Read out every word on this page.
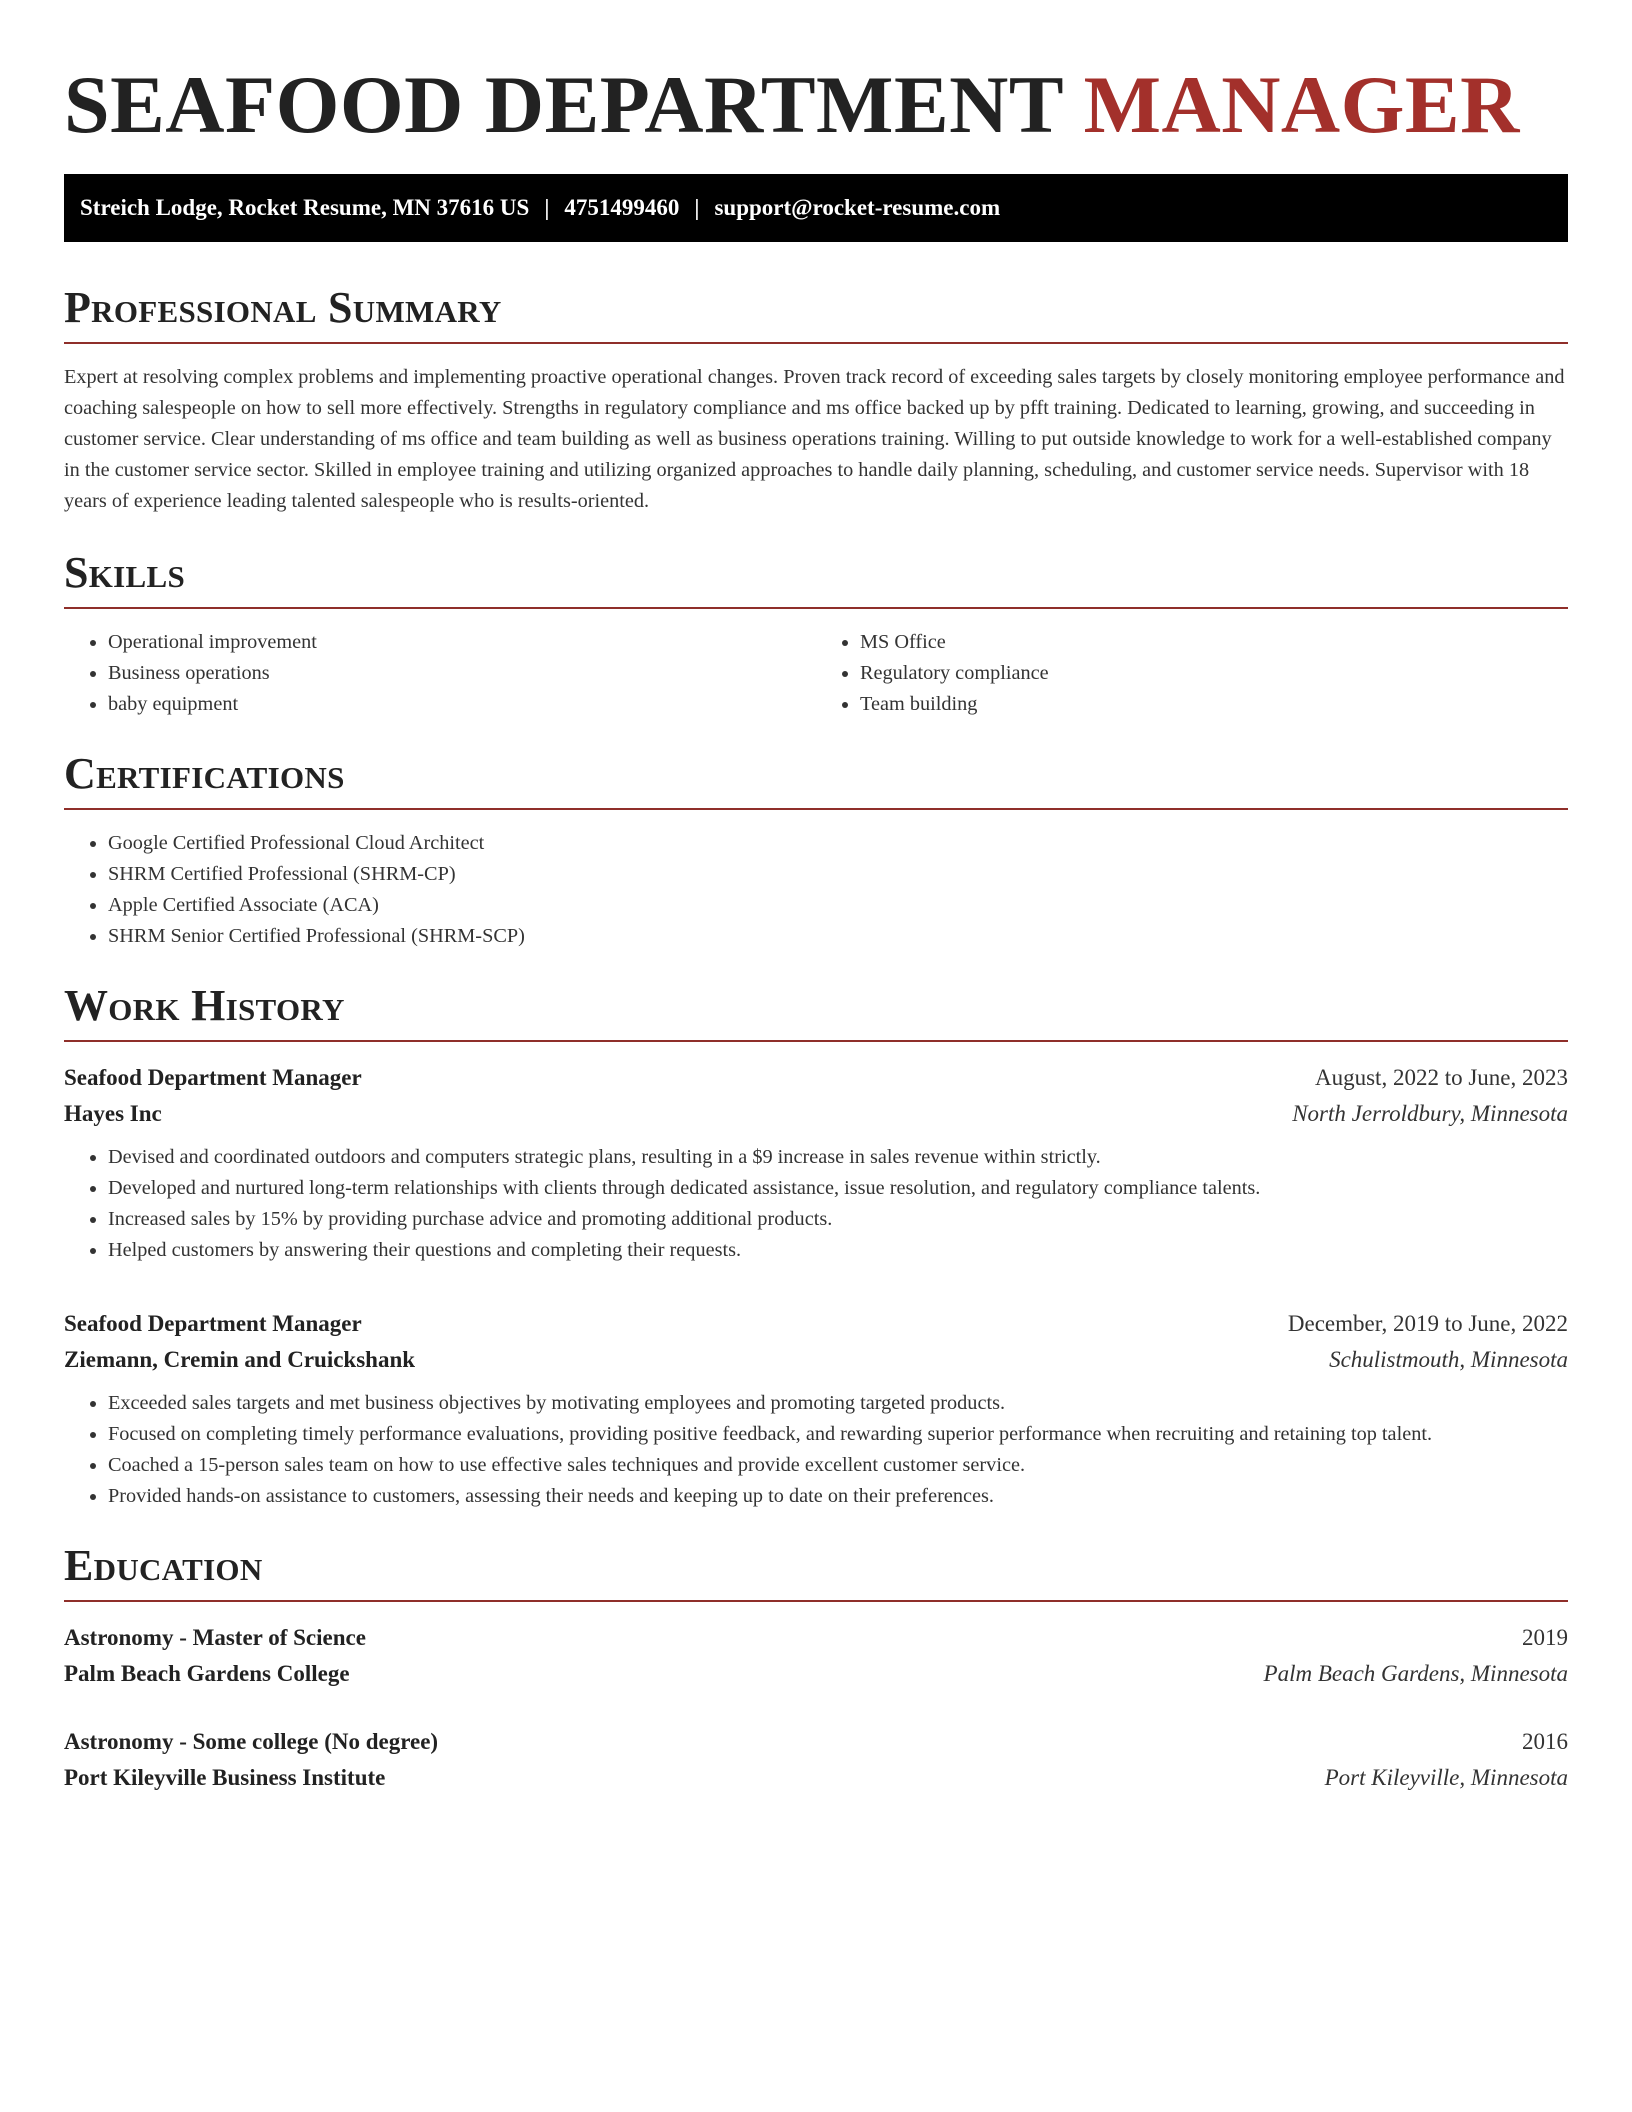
SEAFOOD DEPARTMENT MANAGER
Streich Lodge, Rocket Resume, MN 37616 US | 4751499460 | support@rocket-resume.com
Professional Summary

Expert at resolving complex problems and implementing proactive operational changes. Proven track record of exceeding sales targets by closely monitoring employee performance and coaching salespeople on how to sell more effectively. Strengths in regulatory compliance and ms office backed up by pfft training. Dedicated to learning, growing, and succeeding in customer service. Clear understanding of ms office and team building as well as business operations training. Willing to put outside knowledge to work for a well-established company in the customer service sector. Skilled in employee training and utilizing organized approaches to handle daily planning, scheduling, and customer service needs. Supervisor with 18 years of experience leading talented salespeople who is results-oriented.

Skills
• Operational improvement
• Business operations
• baby equipment
• MS Office
• Regulatory compliance
• Team building
Certifications
• Google Certified Professional Cloud Architect
• SHRM Certified Professional (SHRM-CP)
• Apple Certified Associate (ACA)
• SHRM Senior Certified Professional (SHRM-SCP)
Work History
Seafood Department Manager	August, 2022 to June, 2023
Hayes Inc	North Jerroldbury, Minnesota
• Devised and coordinated outdoors and computers strategic plans, resulting in a $9 increase in sales revenue within strictly.
• Developed and nurtured long-term relationships with clients through dedicated assistance, issue resolution, and regulatory compliance talents.
• Increased sales by 15% by providing purchase advice and promoting additional products.
• Helped customers by answering their questions and completing their requests.
Seafood Department Manager	December, 2019 to June, 2022
Ziemann, Cremin and Cruickshank	Schulistmouth, Minnesota
• Exceeded sales targets and met business objectives by motivating employees and promoting targeted products.
• Focused on completing timely performance evaluations, providing positive feedback, and rewarding superior performance when recruiting and retaining top talent.
• Coached a 15-person sales team on how to use effective sales techniques and provide excellent customer service.
• Provided hands-on assistance to customers, assessing their needs and keeping up to date on their preferences.
Education
Astronomy - Master of Science	2019
Palm Beach Gardens College	Palm Beach Gardens, Minnesota
Astronomy - Some college (No degree)	2016
Port Kileyville Business Institute	Port Kileyville, Minnesota
